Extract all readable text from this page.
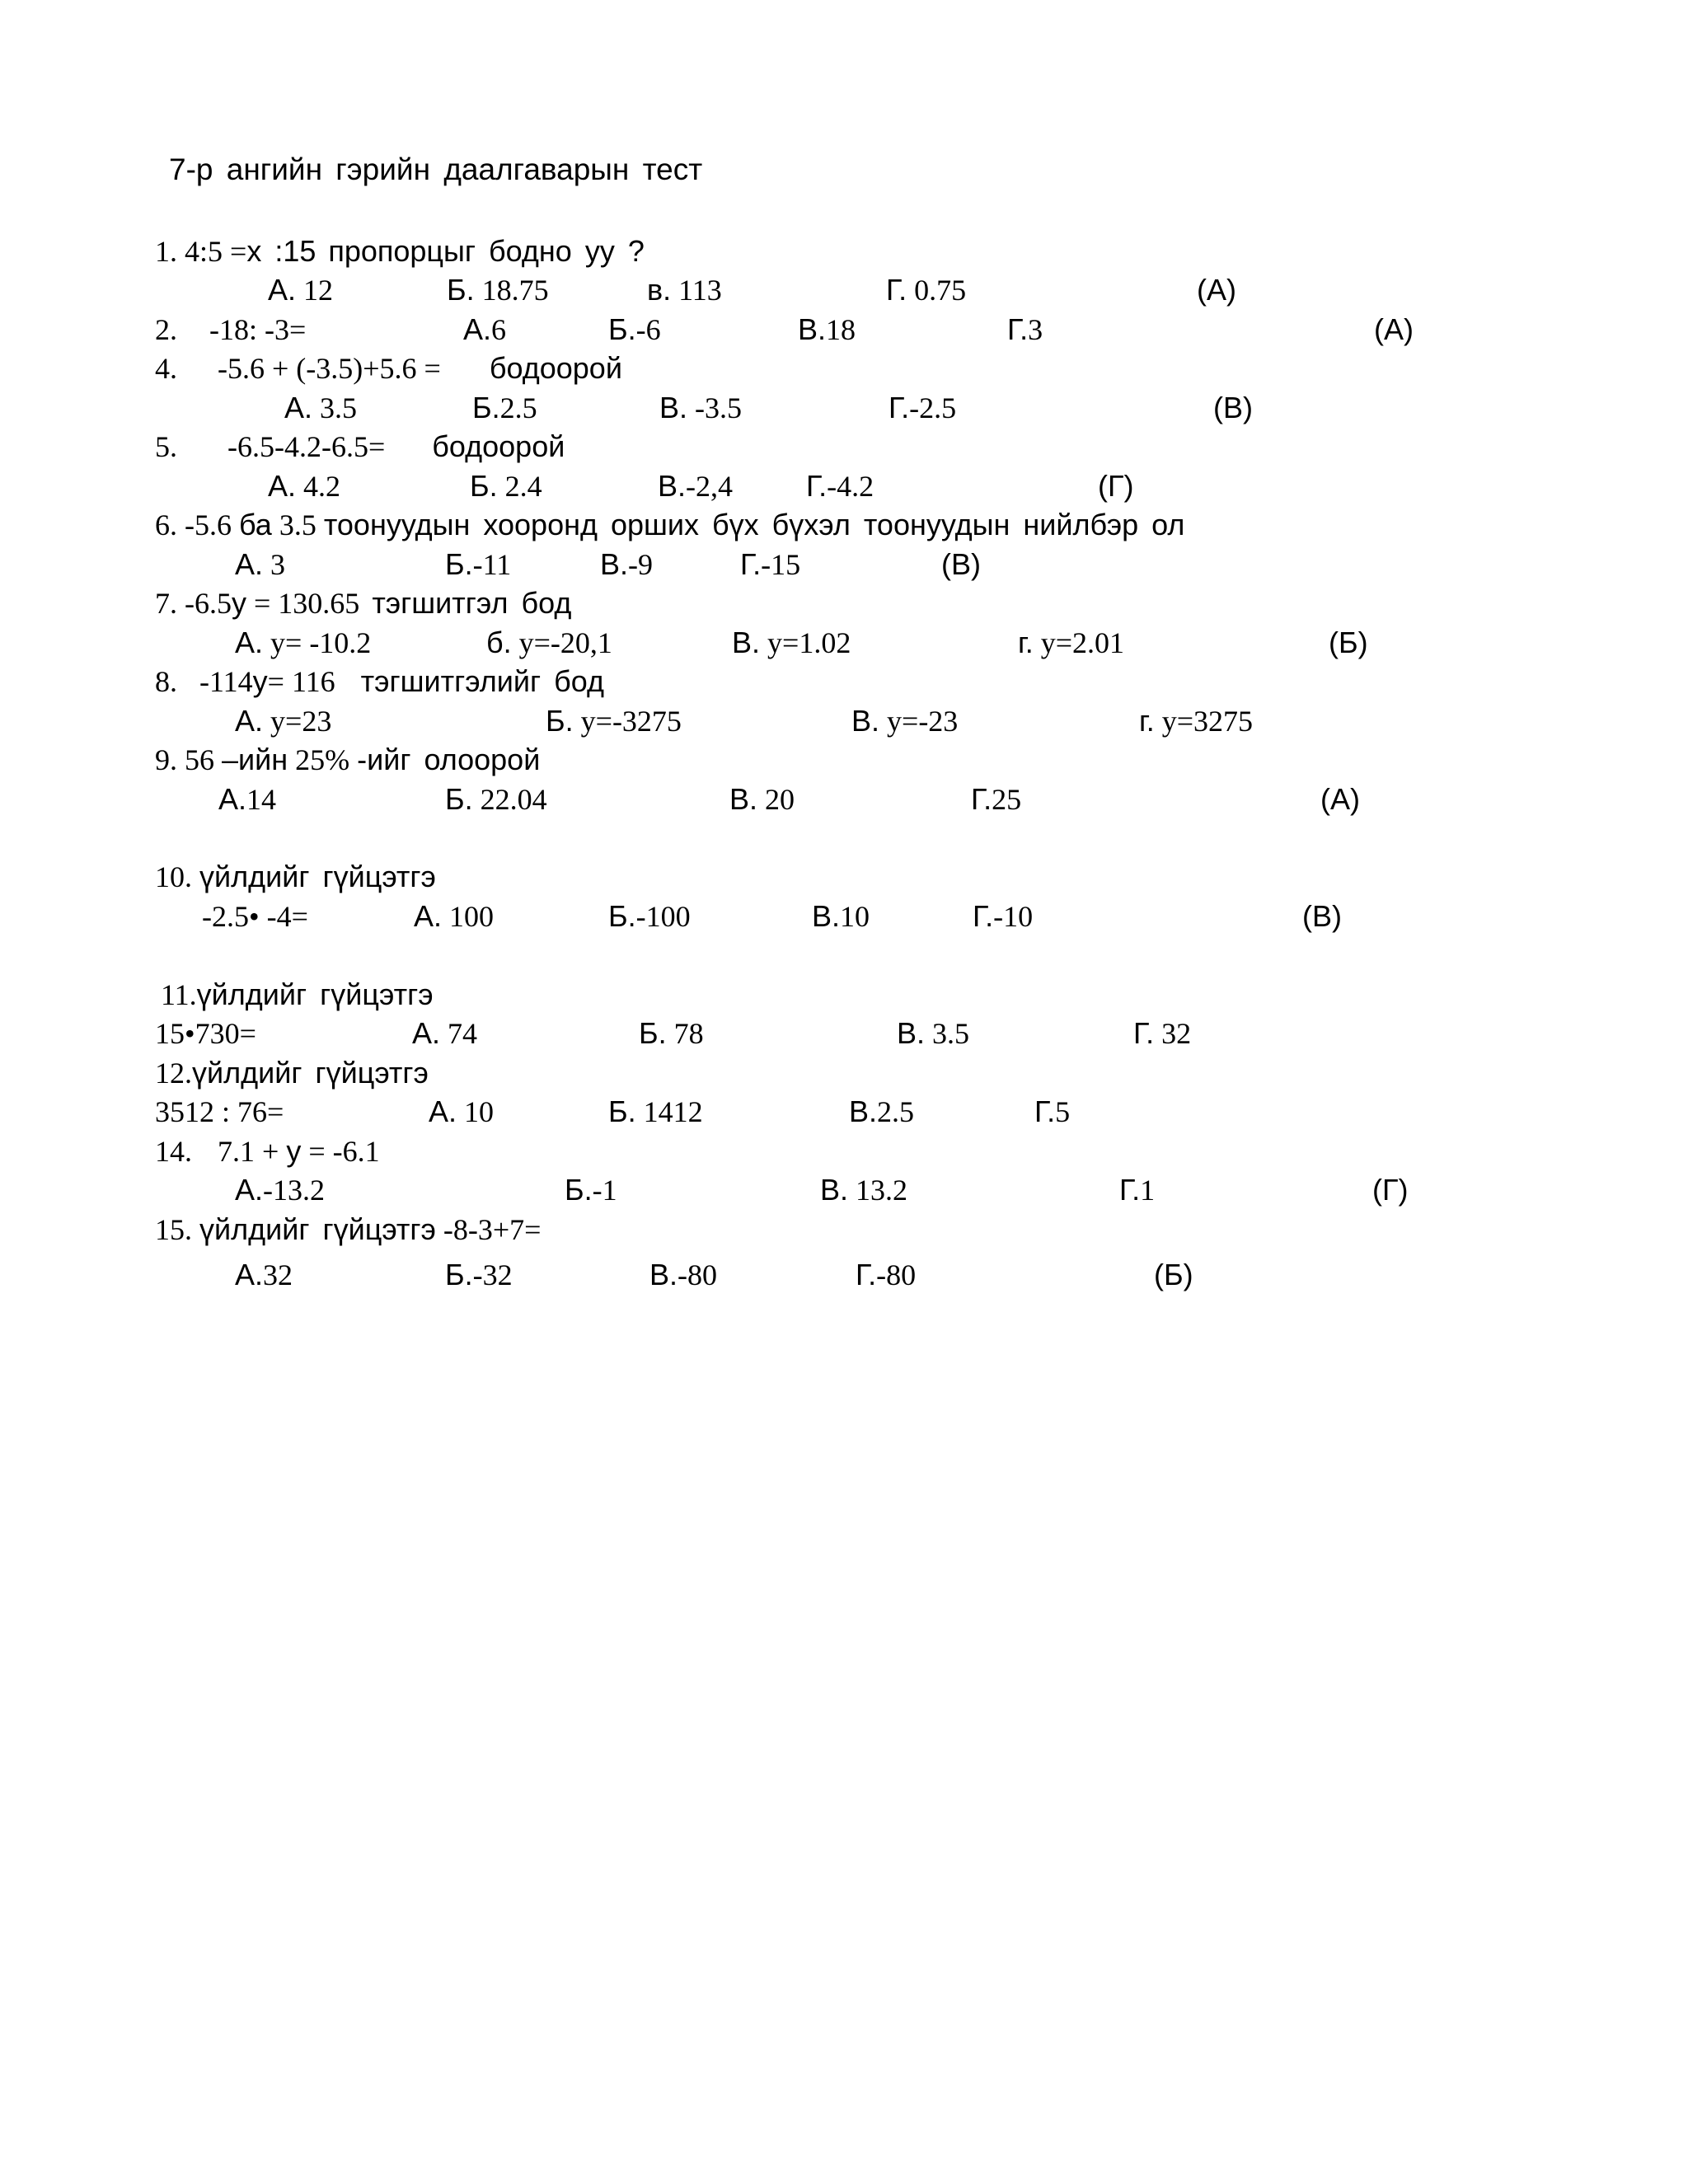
7-р ангийн гэрийн даалгаварын тест
1. 4:5 =x :15 пропорцыг бодно уу ?
А. 12	Б. 18.75	в. 113	Г. 0.75	(А)
2. -18: -3=	А.6	Б.-6	В.18	Г.3	(А)
4. -5.6 + (-3.5)+5.6 = бодоорой
А. 3.5	Б.2.5	В. -3.5	Г.-2.5	(В)
5. -6.5-4.2-6.5= бодоорой
А. 4.2	Б. 2.4	В.-2,4 Г.-4.2	(Г)
6. -5.6 ба 3.5 тоонуудын хооронд орших бүх бүхэл тоонуудын нийлбэр ол
А. 3	Б.-11	В.-9	Г.-15	(В)
7. -6.5у = 130.65 тэгшитгэл бод
А. y= -10.2	б. y=-20,1	В. y=1.02	г. y=2.01	(Б)
8. -114у= 116 тэгшитгэлийг бод
А. y=23	Б. y=-3275	В. y=-23	г. y=3275
9. 56 –ийн 25% -ийг олоорой
А.14	Б. 22.04	В. 20	Г.25	(А)
10. үйлдийг гүйцэтгэ
-2.5• -4=	А. 100	Б.-100	В.10	Г.-10	(В)
11.үйлдийг гүйцэтгэ
15•730=	А. 74	Б. 78	В. 3.5	Г. 32
12.үйлдийг гүйцэтгэ
3512 : 76=	А. 10	Б. 1412	В.2.5	Г.5
14. 7.1 + у = -6.1
А.-13.2	Б.-1	В. 13.2	Г.1	(Г)
15. үйлдийг гүйцэтгэ -8-3+7=
А.32	Б.-32	В.-80	Г.-80	(Б)
